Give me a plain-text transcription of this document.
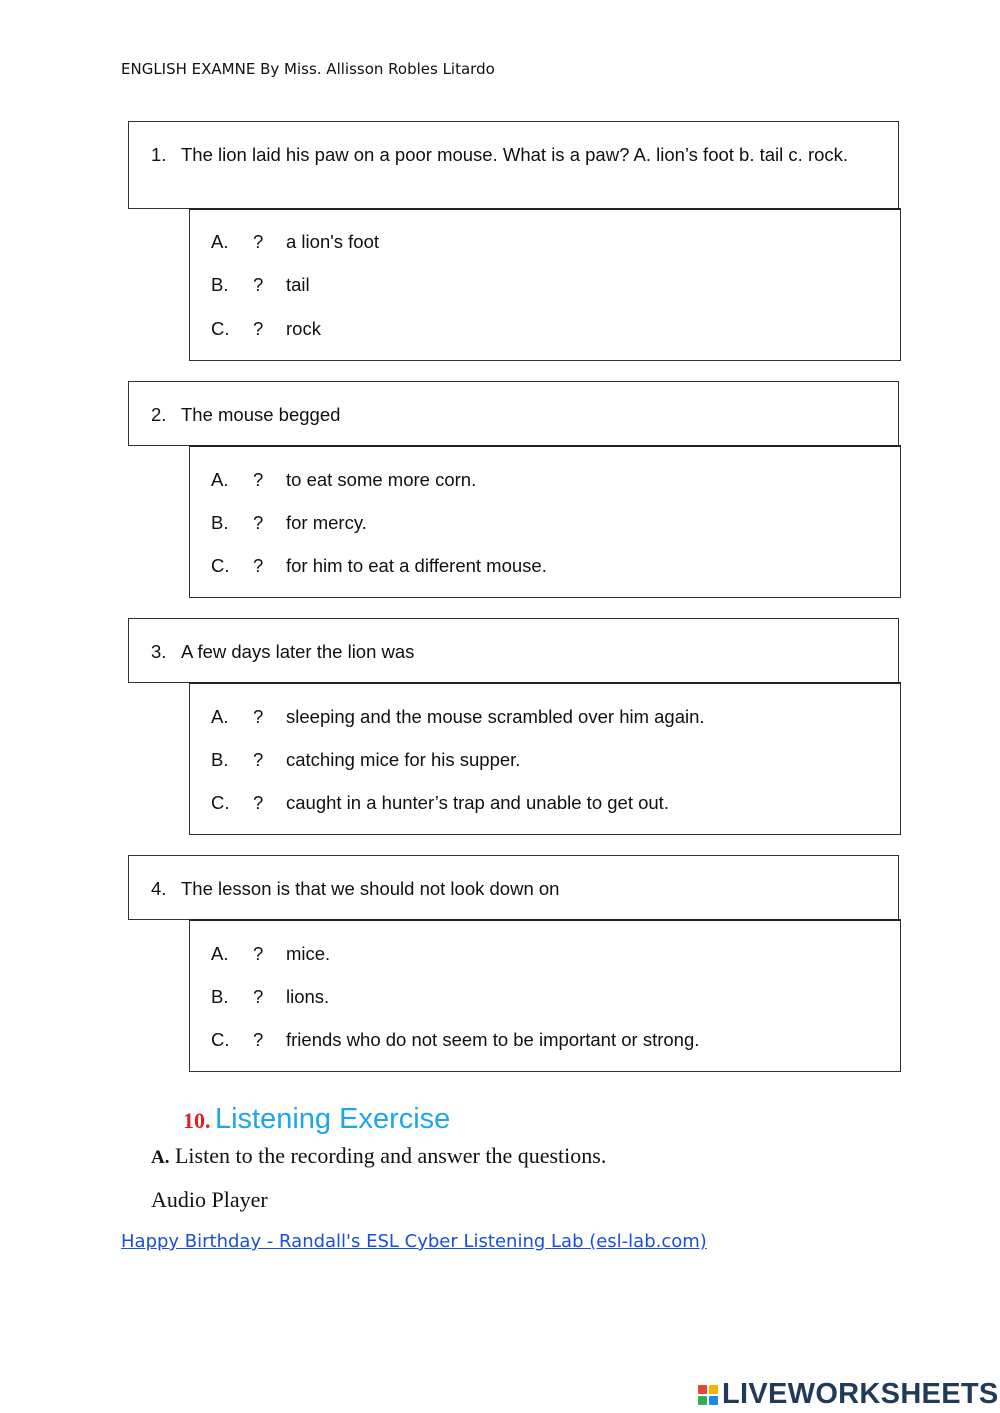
ENGLISH EXAMNE By Miss. Allisson Robles Litardo
1. The lion laid his paw on a poor mouse. What is a paw? A. lion’s foot b. tail c. rock.
A. ? a lion's foot
B. ? tail
C. ? rock
2. The mouse begged
A. ? to eat some more corn.
B. ? for mercy.
C. ? for him to eat a different mouse.
3. A few days later the lion was
A. ? sleeping and the mouse scrambled over him again.
B. ? catching mice for his supper.
C. ? caught in a hunter’s trap and unable to get out.
4. The lesson is that we should not look down on
A. ? mice.
B. ? lions.
C. ? friends who do not seem to be important or strong.
10. Listening Exercise
A. Listen to the recording and answer the questions.
Audio Player
Happy Birthday - Randall's ESL Cyber Listening Lab (esl-lab.com)
LIVEWORKSHEETS
